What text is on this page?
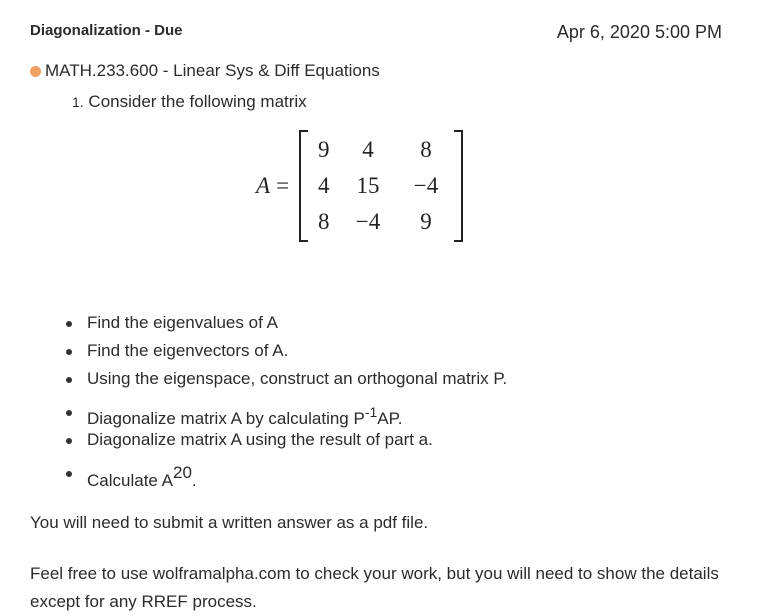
Diagonalization - Due	Apr 6, 2020 5:00 PM
MATH.233.600 - Linear Sys & Diff Equations
1. Consider the following matrix
A =
9	4	8
4	15	−4
8	−4	9
Find the eigenvalues of A
Find the eigenvectors of A.
Using the eigenspace, construct an orthogonal matrix P.
Diagonalize matrix A by calculating $P^{-1}AP$.
Diagonalize matrix A using the result of part a.
Calculate A20.
You will need to submit a written answer as a pdf file.
Feel free to use wolframalpha.com to check your work, but you will need to show the details except for any RREF process.
